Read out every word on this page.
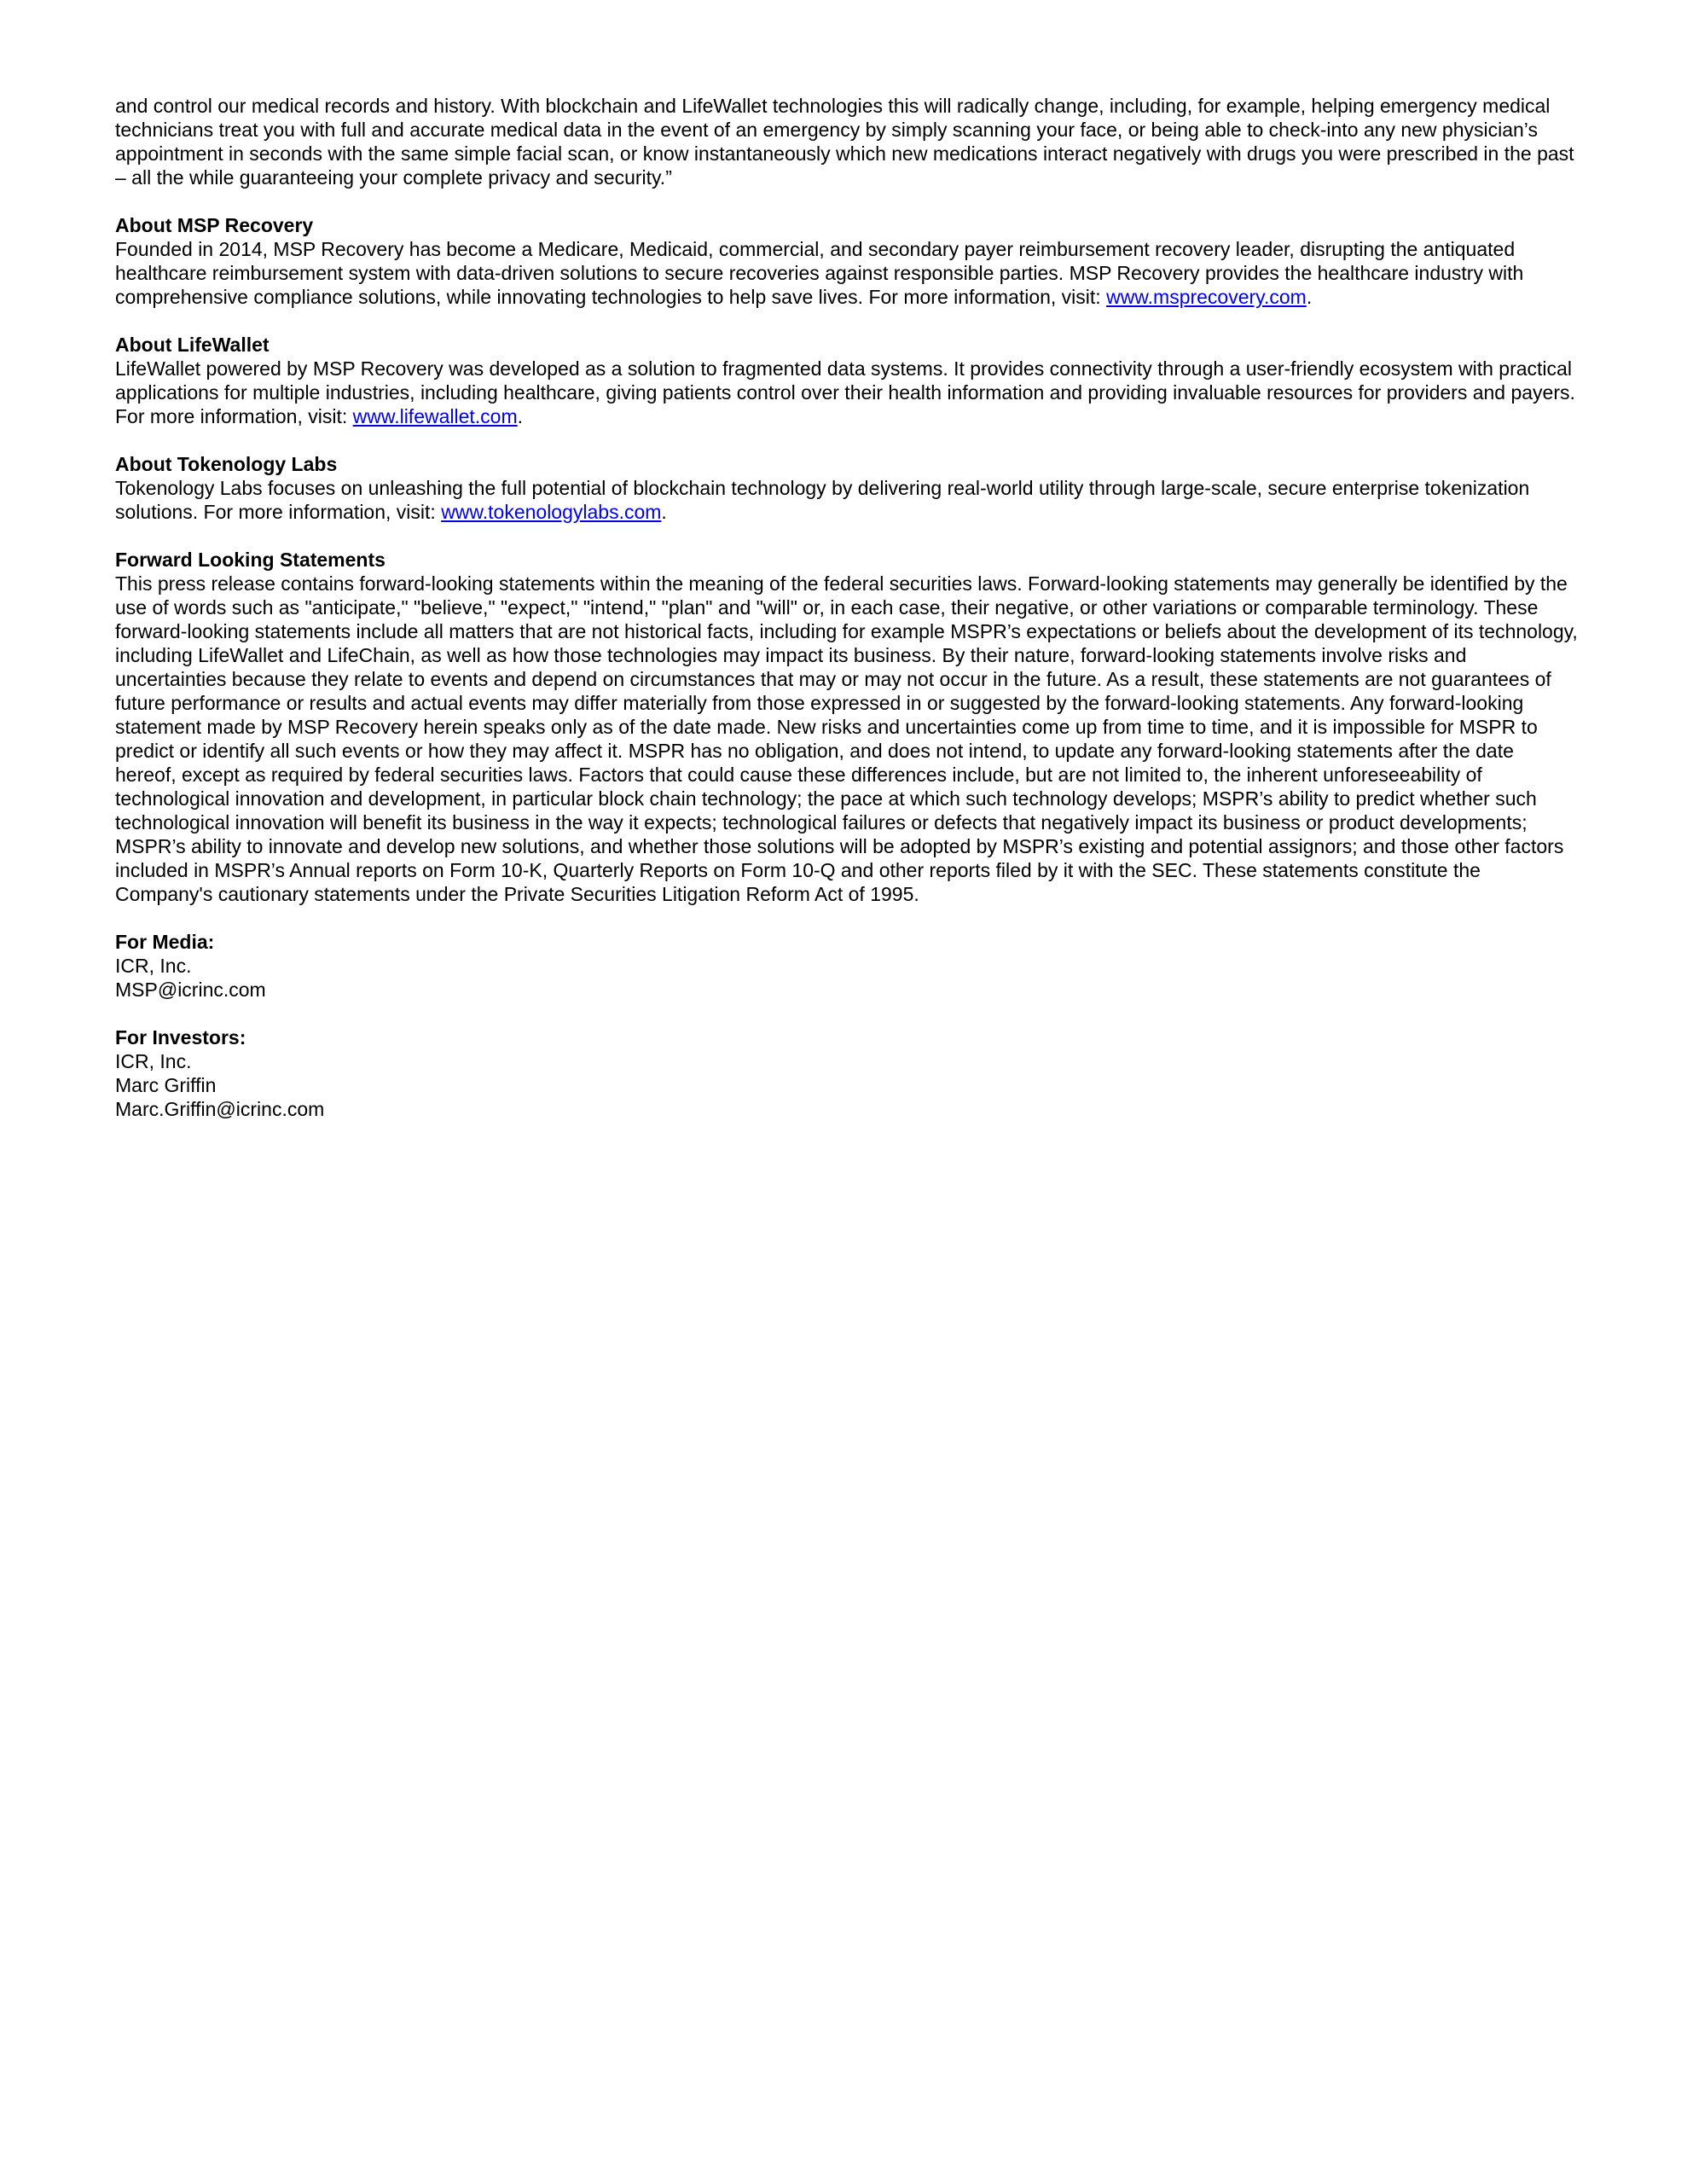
and control our medical records and history. With blockchain and LifeWallet technologies this will radically change, including, for example, helping emergency medical technicians treat you with full and accurate medical data in the event of an emergency by simply scanning your face, or being able to check-into any new physician’s appointment in seconds with the same simple facial scan, or know instantaneously which new medications interact negatively with drugs you were prescribed in the past – all the while guaranteeing your complete privacy and security.”

About MSP Recovery

Founded in 2014, MSP Recovery has become a Medicare, Medicaid, commercial, and secondary payer reimbursement recovery leader, disrupting the antiquated healthcare reimbursement system with data-driven solutions to secure recoveries against responsible parties. MSP Recovery provides the healthcare industry with comprehensive compliance solutions, while innovating technologies to help save lives. For more information, visit: www.msprecovery.com.

About LifeWallet

LifeWallet powered by MSP Recovery was developed as a solution to fragmented data systems. It provides connectivity through a user-friendly ecosystem with practical applications for multiple industries, including healthcare, giving patients control over their health information and providing invaluable resources for providers and payers. For more information, visit: www.lifewallet.com.

About Tokenology Labs

Tokenology Labs focuses on unleashing the full potential of blockchain technology by delivering real-world utility through large-scale, secure enterprise tokenization solutions. For more information, visit: www.tokenologylabs.com.

Forward Looking Statements

This press release contains forward-looking statements within the meaning of the federal securities laws. Forward-looking statements may generally be identified by the use of words such as "anticipate," "believe," "expect," "intend," "plan" and "will" or, in each case, their negative, or other variations or comparable terminology. These forward-looking statements include all matters that are not historical facts, including for example MSPR’s expectations or beliefs about the development of its technology, including LifeWallet and LifeChain, as well as how those technologies may impact its business. By their nature, forward-looking statements involve risks and uncertainties because they relate to events and depend on circumstances that may or may not occur in the future. As a result, these statements are not guarantees of future performance or results and actual events may differ materially from those expressed in or suggested by the forward-looking statements. Any forward-looking statement made by MSP Recovery herein speaks only as of the date made. New risks and uncertainties come up from time to time, and it is impossible for MSPR to predict or identify all such events or how they may affect it. MSPR has no obligation, and does not intend, to update any forward-looking statements after the date hereof, except as required by federal securities laws. Factors that could cause these differences include, but are not limited to, the inherent unforeseeability of technological innovation and development, in particular block chain technology; the pace at which such technology develops; MSPR’s ability to predict whether such technological innovation will benefit its business in the way it expects; technological failures or defects that negatively impact its business or product developments; MSPR’s ability to innovate and develop new solutions, and whether those solutions will be adopted by MSPR’s existing and potential assignors; and those other factors included in MSPR’s Annual reports on Form 10-K, Quarterly Reports on Form 10-Q and other reports filed by it with the SEC. These statements constitute the Company's cautionary statements under the Private Securities Litigation Reform Act of 1995.

For Media:

ICR, Inc.

MSP@icrinc.com

For Investors:

ICR, Inc.

Marc Griffin

Marc.Griffin@icrinc.com
